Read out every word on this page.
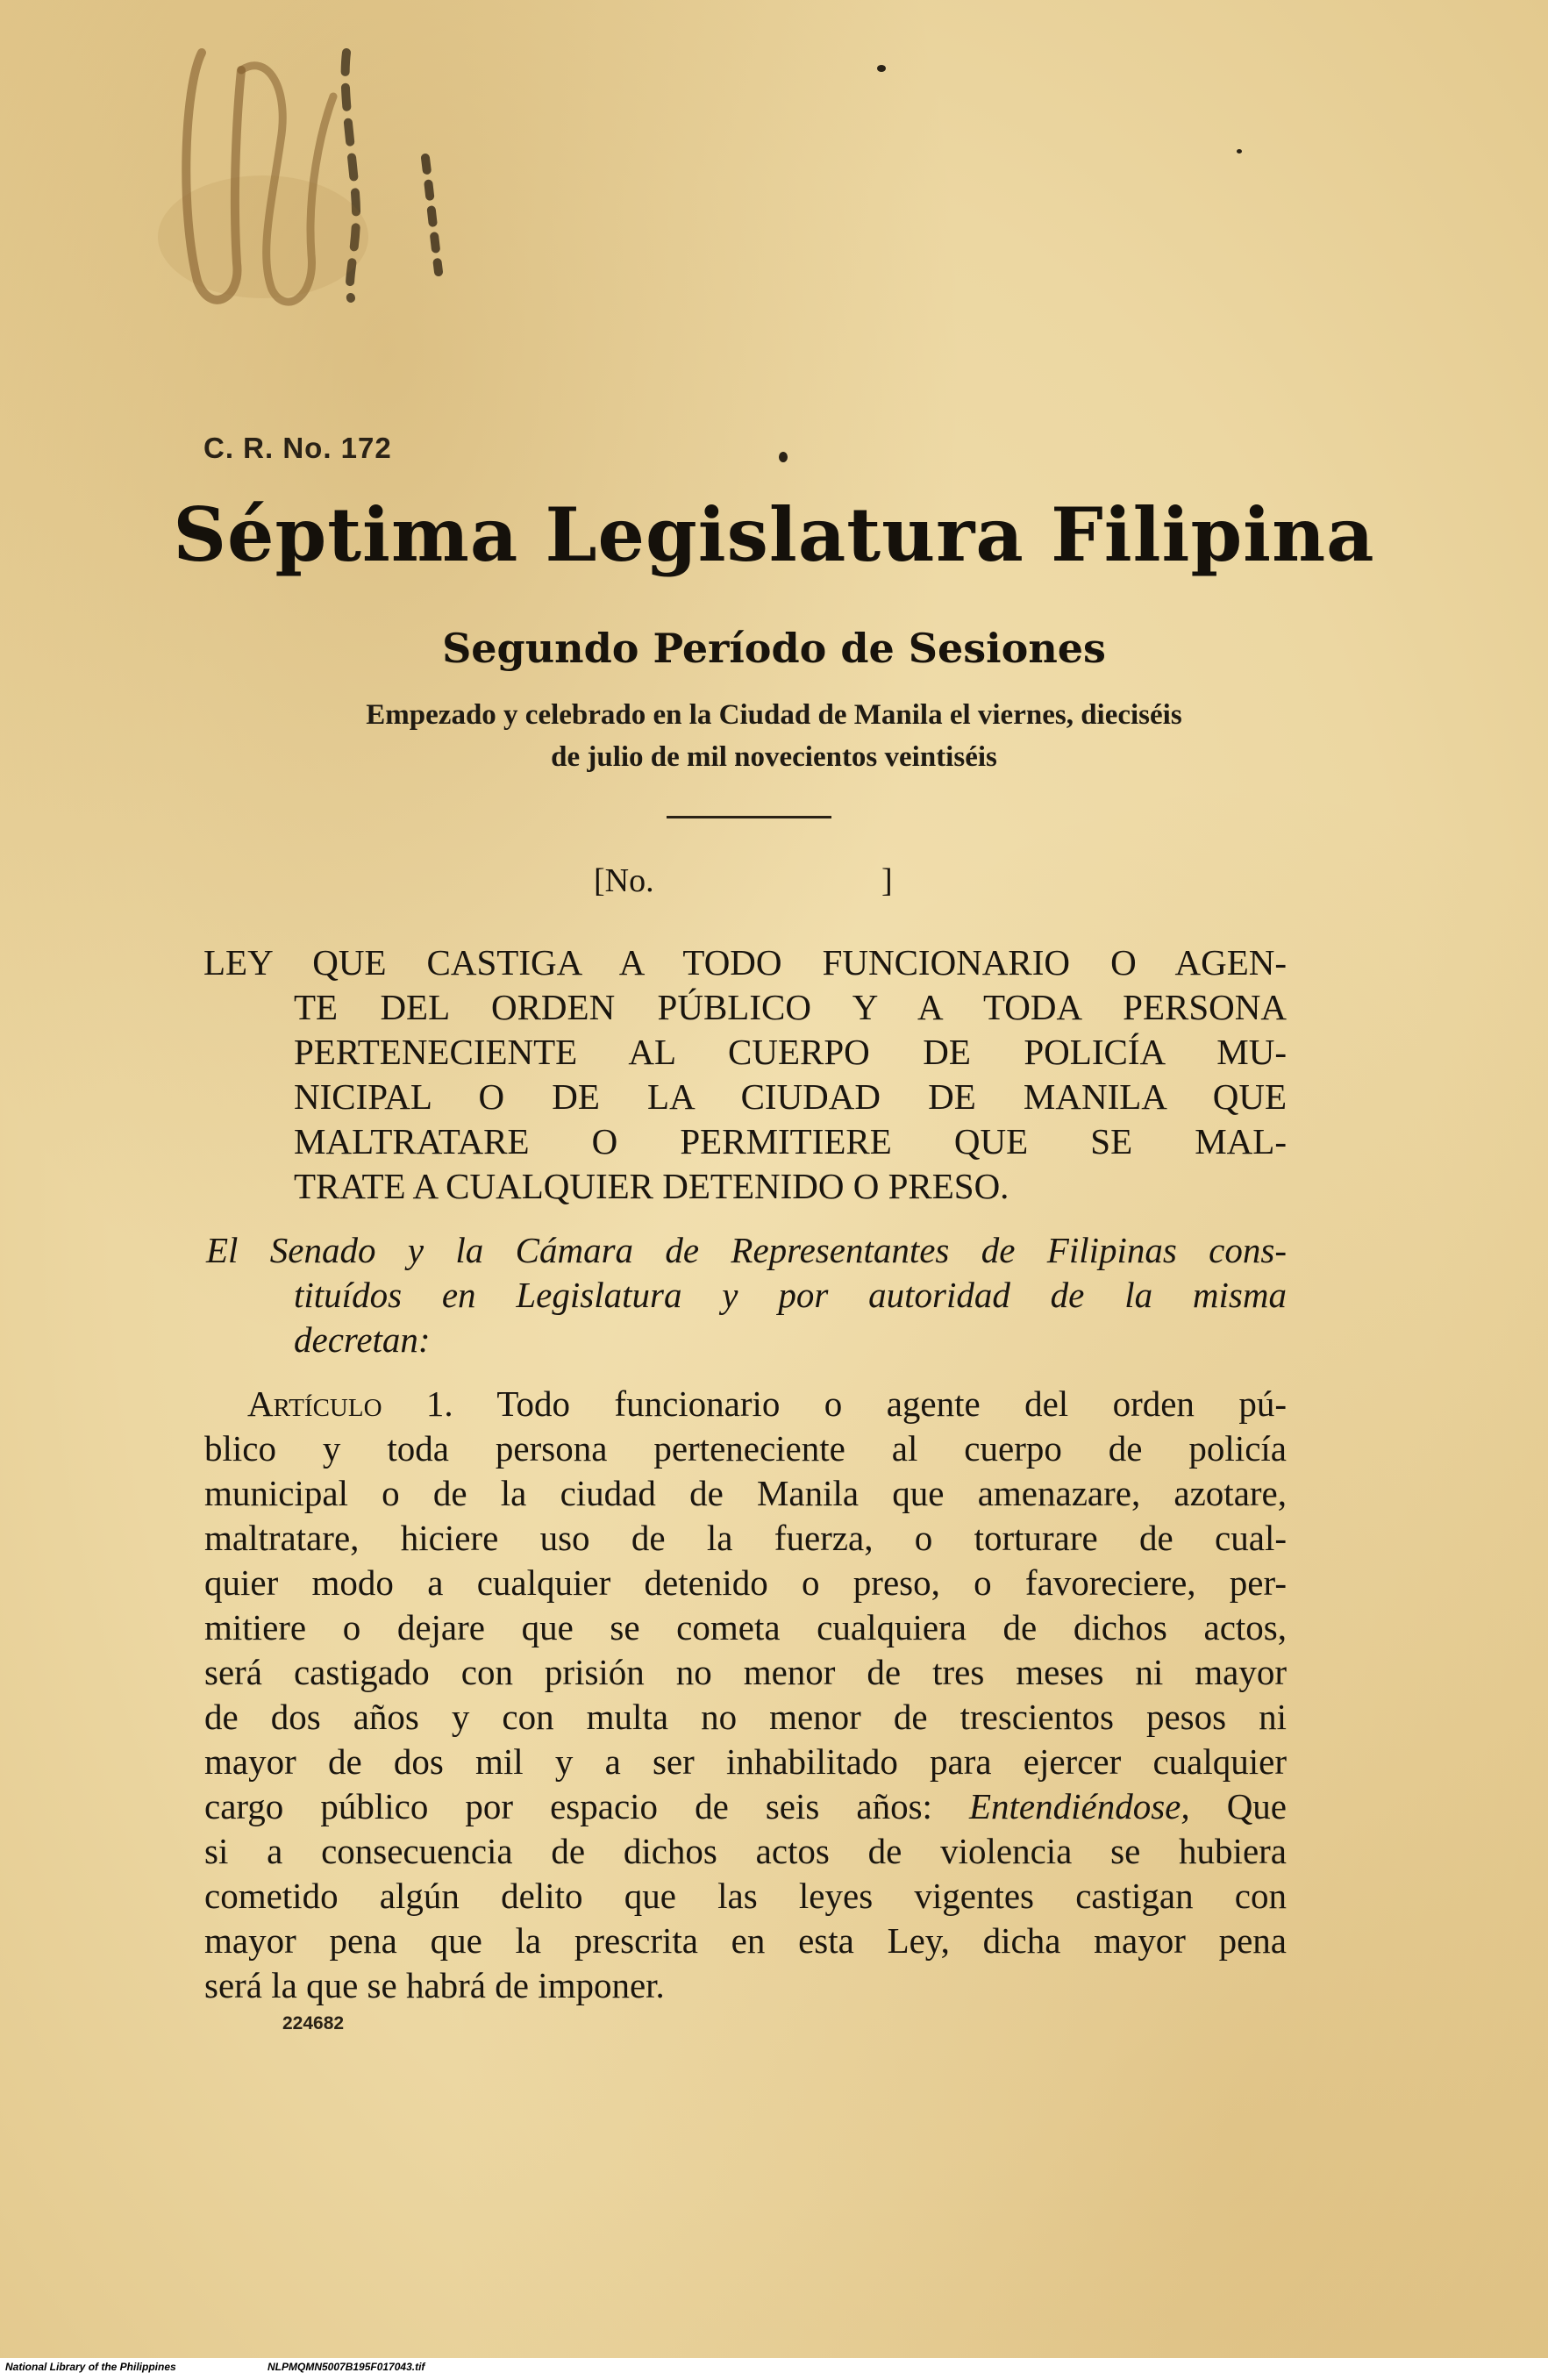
C. R. No. 172
Séptima Legislatura Filipina
Segundo Período de Sesiones
Empezado y celebrado en la Ciudad de Manila el viernes, dieciséis
de julio de mil novecientos veintiséis
[No.	]
LEY QUE CASTIGA A TODO FUNCIONARIO O AGEN-
TE DEL ORDEN PÚBLICO Y A TODA PERSONA
PERTENECIENTE AL CUERPO DE POLICÍA MU-
NICIPAL O DE LA CIUDAD DE MANILA QUE
MALTRATARE O PERMITIERE QUE SE MAL-
TRATE A CUALQUIER DETENIDO O PRESO.
El Senado y la Cámara de Representantes de Filipinas cons-
tituídos en Legislatura y por autoridad de la misma
decretan:
Artículo 1. Todo funcionario o agente del orden pú-
blico y toda persona perteneciente al cuerpo de policía
municipal o de la ciudad de Manila que amenazare, azotare,
maltratare, hiciere uso de la fuerza, o torturare de cual-
quier modo a cualquier detenido o preso, o favoreciere, per-
mitiere o dejare que se cometa cualquiera de dichos actos,
será castigado con prisión no menor de tres meses ni mayor
de dos años y con multa no menor de trescientos pesos ni
mayor de dos mil y a ser inhabilitado para ejercer cualquier
cargo público por espacio de seis años: Entendiéndose, Que
si a consecuencia de dichos actos de violencia se hubiera
cometido algún delito que las leyes vigentes castigan con
mayor pena que la prescrita en esta Ley, dicha mayor pena
será la que se habrá de imponer.
224682
National Library of the Philippines	NLPMQMN5007B195F017043.tif
